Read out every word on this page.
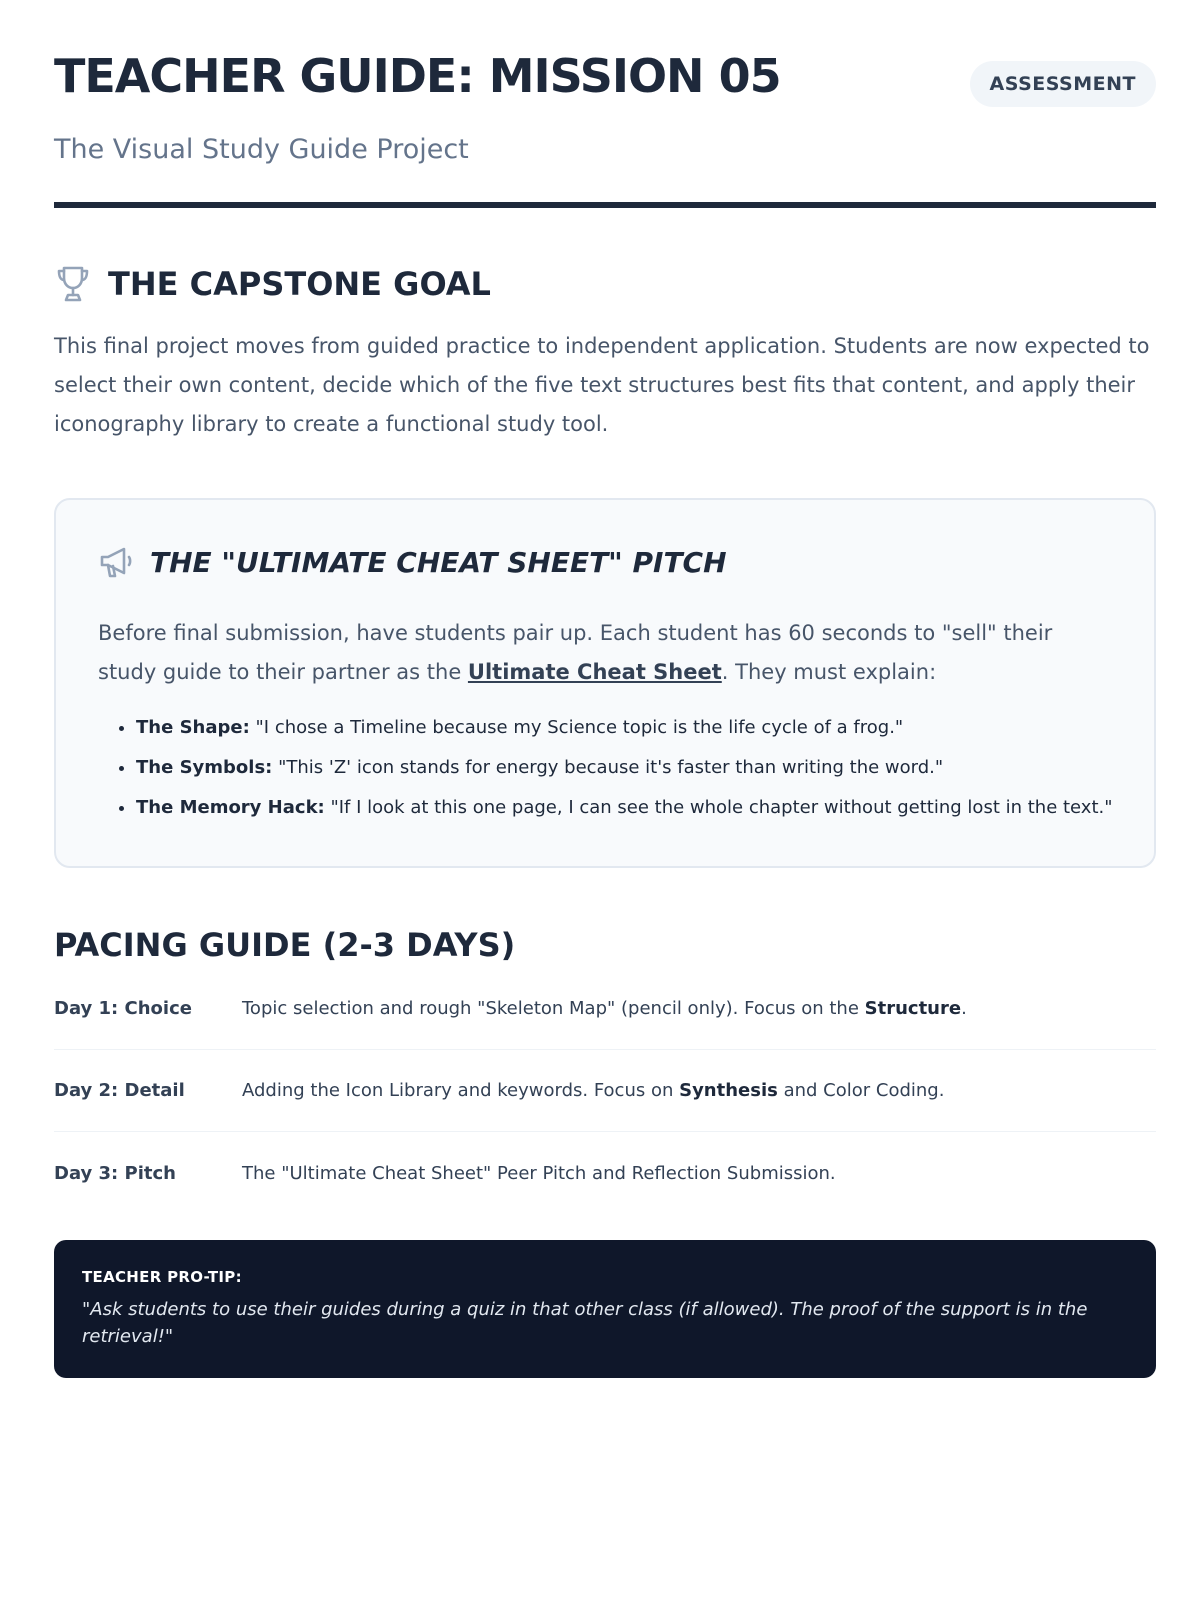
TEACHER GUIDE: MISSION 05	ASSESSMENT

The Visual Study Guide Project

THE CAPSTONE GOAL

This final project moves from guided practice to independent application. Students are now expected to select their own content, decide which of the five text structures best fits that content, and apply their iconography library to create a functional study tool.

THE "ULTIMATE CHEAT SHEET" PITCH

Before final submission, have students pair up. Each student has 60 seconds to "sell" their study guide to their partner as the Ultimate Cheat Sheet. They must explain:

• The Shape: "I chose a Timeline because my Science topic is the life cycle of a frog."
• The Symbols: "This 'Z' icon stands for energy because it's faster than writing the word."
• The Memory Hack: "If I look at this one page, I can see the whole chapter without getting lost in the text."
PACING GUIDE (2-3 DAYS)
Day 1: Choice	Topic selection and rough "Skeleton Map" (pencil only). Focus on the Structure.
Day 2: Detail	Adding the Icon Library and keywords. Focus on Synthesis and Color Coding.
Day 3: Pitch	The "Ultimate Cheat Sheet" Peer Pitch and Reflection Submission.

TEACHER PRO-TIP:

"Ask students to use their guides during a quiz in that other class (if allowed). The proof of the support is in the retrieval!"
